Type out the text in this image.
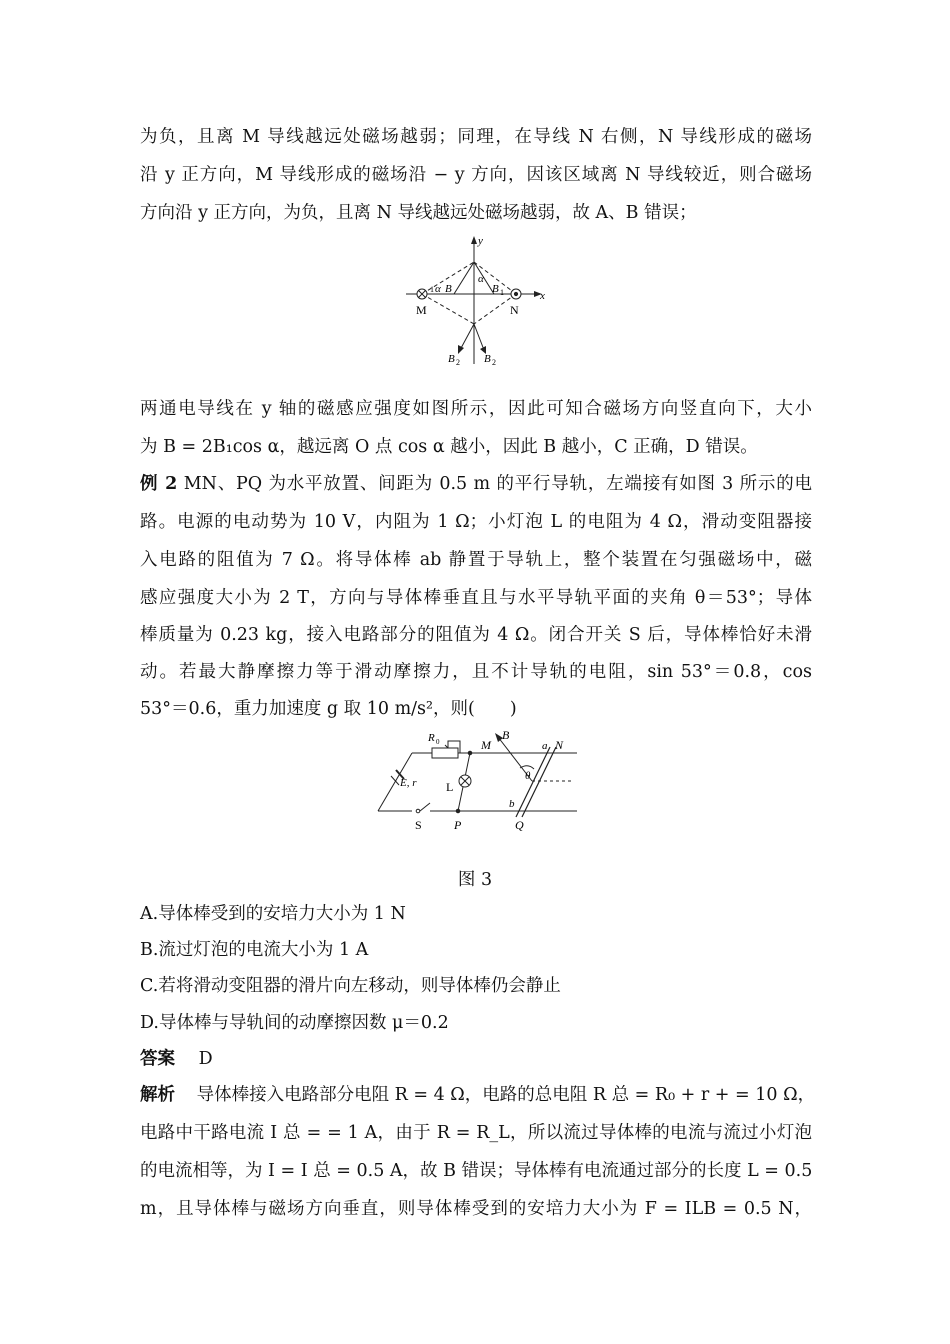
为负，且离 M 导线越远处磁场越弱；同理，在导线 N 右侧，N 导线形成的磁场
沿 y 正方向，M 导线形成的磁场沿 − y 方向，因该区域离 N 导线较近，则合磁场
方向沿 y 正方向，为负，且离 N 导线越远处磁场越弱，故 A、B 错误；
y
x
M	N
1 α B
α
B 1
B 2 B 2
两通电导线在 y 轴的磁感应强度如图所示，因此可知合磁场方向竖直向下，大小
为 B = 2B₁cos α，越远离 O 点 cos α 越小，因此 B 越小，C 正确，D 错误。
例 2 MN、PQ 为水平放置、间距为 0.5 m 的平行导轨，左端接有如图 3 所示的电
路。电源的电动势为 10 V，内阻为 1 Ω；小灯泡 L 的电阻为 4 Ω，滑动变阻器接
入电路的阻值为 7 Ω。将导体棒 ab 静置于导轨上，整个装置在匀强磁场中，磁
感应强度大小为 2 T，方向与导体棒垂直且与水平导轨平面的夹角 θ＝53°；导体
棒质量为 0.23 kg，接入电路部分的阻值为 4 Ω。闭合开关 S 后，导体棒恰好未滑
动。若最大静摩擦力等于滑动摩擦力，且不计导轨的电阻，sin 53°＝0.8，cos
53°＝0.6，重力加速度 g 取 10 m/s²，则(　　)
R 0	M
B
a N
E, r L
θ
b
S	P	Q
图 3
A.导体棒受到的安培力大小为 1 N
B.流过灯泡的电流大小为 1 A
C.若将滑动变阻器的滑片向左移动，则导体棒仍会静止
D.导体棒与导轨间的动摩擦因数 μ＝0.2
答案 D
解析 导体棒接入电路部分电阻 R = 4 Ω，电路的总电阻 R 总 = R₀ + r + = 10 Ω，
电路中干路电流 I 总 = = 1 A，由于 R = R_L，所以流过导体棒的电流与流过小灯泡
的电流相等，为 I = I 总 = 0.5 A，故 B 错误；导体棒有电流通过部分的长度 L = 0.5
m，且导体棒与磁场方向垂直，则导体棒受到的安培力大小为 F = ILB = 0.5 N，
